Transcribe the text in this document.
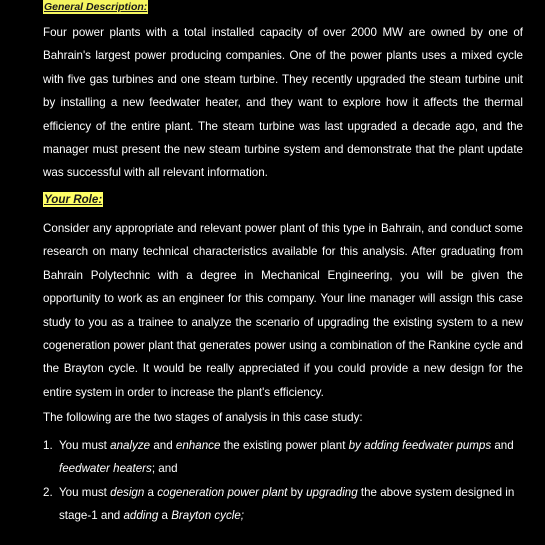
General Description:

Four power plants with a total installed capacity of over 2000 MW are owned by one of Bahrain's largest power producing companies. One of the power plants uses a mixed cycle with five gas turbines and one steam turbine. They recently upgraded the steam turbine unit by installing a new feedwater heater, and they want to explore how it affects the thermal efficiency of the entire plant. The steam turbine was last upgraded a decade ago, and the manager must present the new steam turbine system and demonstrate that the plant update was successful with all relevant information.

Your Role:

Consider any appropriate and relevant power plant of this type in Bahrain, and conduct some research on many technical characteristics available for this analysis. After graduating from Bahrain Polytechnic with a degree in Mechanical Engineering, you will be given the opportunity to work as an engineer for this company. Your line manager will assign this case study to you as a trainee to analyze the scenario of upgrading the existing system to a new cogeneration power plant that generates power using a combination of the Rankine cycle and the Brayton cycle. It would be really appreciated if you could provide a new design for the entire system in order to increase the plant's efficiency.

The following are the two stages of analysis in this case study:

1. You must analyze and enhance the existing power plant by adding feedwater pumps and feedwater heaters; and
2. You must design a cogeneration power plant by upgrading the above system designed in stage-1 and adding a Brayton cycle;
